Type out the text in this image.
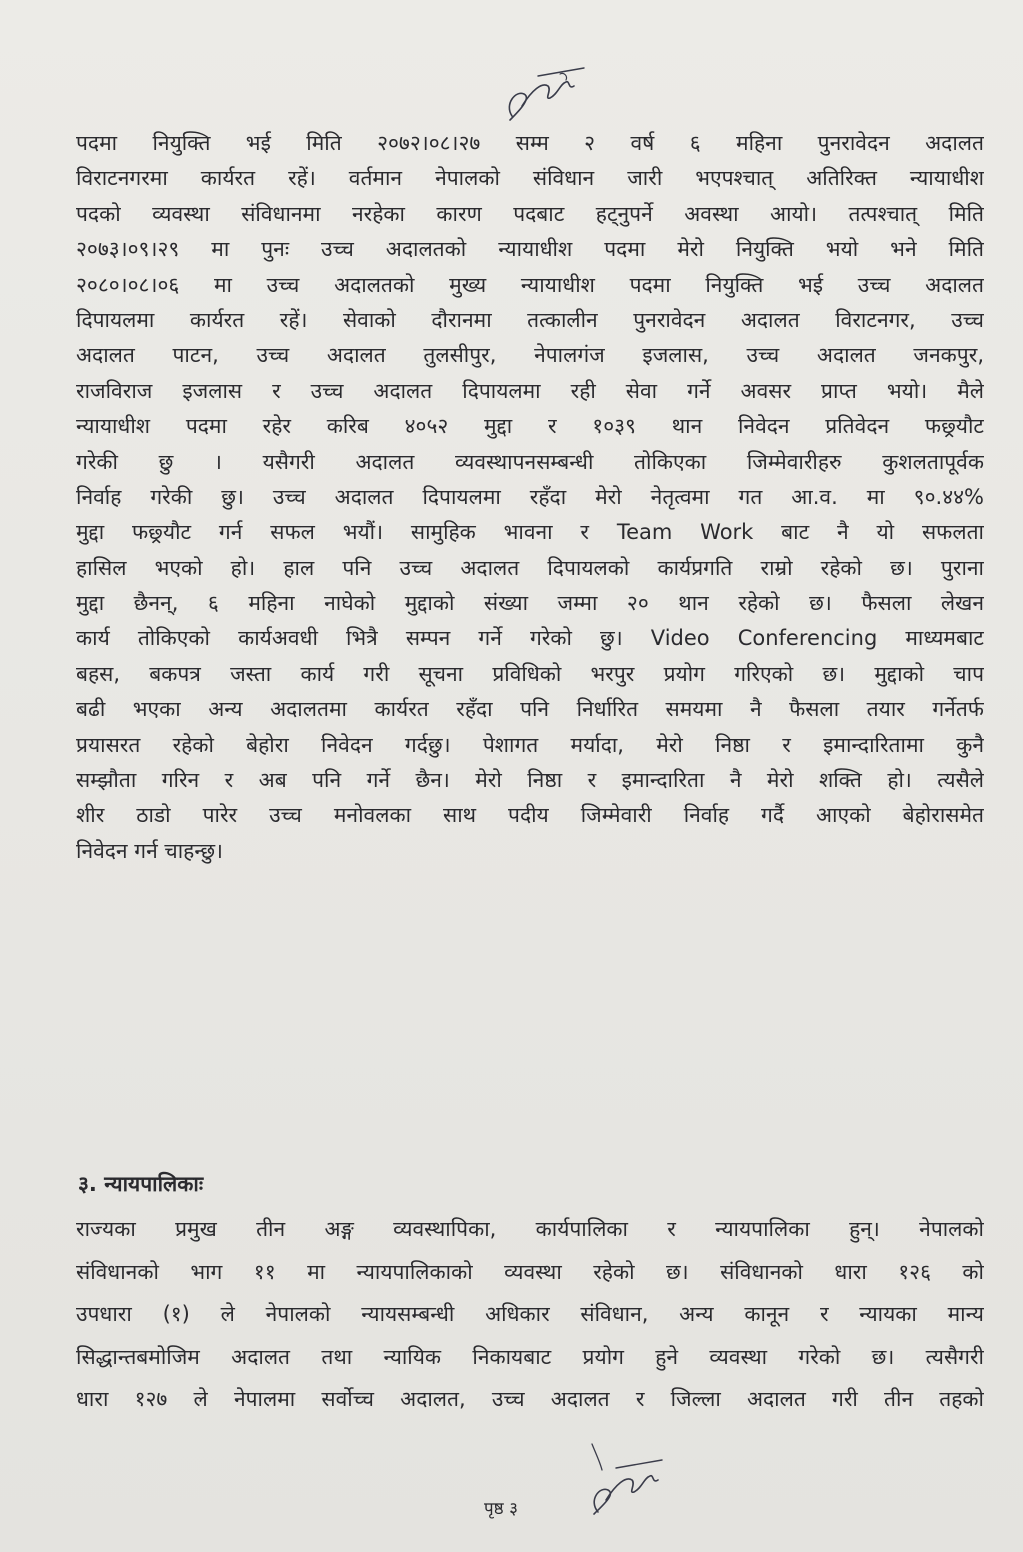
पदमा नियुक्ति भई मिति २०७२।०८।२७ सम्म २ वर्ष ६ महिना पुनरावेदन अदालत
विराटनगरमा कार्यरत रहें। वर्तमान नेपालको संविधान जारी भएपश्चात् अतिरिक्त न्यायाधीश
पदको व्यवस्था संविधानमा नरहेका कारण पदबाट हट्नुपर्ने अवस्था आयो। तत्पश्चात् मिति
२०७३।०९।२९ मा पुनः उच्च अदालतको न्यायाधीश पदमा मेरो नियुक्ति भयो भने मिति
२०८०।०८।०६ मा उच्च अदालतको मुख्य न्यायाधीश पदमा नियुक्ति भई उच्च अदालत
दिपायलमा कार्यरत रहें। सेवाको दौरानमा तत्कालीन पुनरावेदन अदालत विराटनगर, उच्च
अदालत पाटन, उच्च अदालत तुलसीपुर, नेपालगंज इजलास, उच्च अदालत जनकपुर,
राजविराज इजलास र उच्च अदालत दिपायलमा रही सेवा गर्ने अवसर प्राप्त भयो। मैले
न्यायाधीश पदमा रहेर करिब ४०५२ मुद्दा र १०३९ थान निवेदन प्रतिवेदन फछ्र्यौट
गरेकी छु । यसैगरी अदालत व्यवस्थापनसम्बन्धी तोकिएका जिम्मेवारीहरु कुशलतापूर्वक
निर्वाह गरेकी छु। उच्च अदालत दिपायलमा रहँदा मेरो नेतृत्वमा गत आ.व. मा ९०.४४%
मुद्दा फछ्र्यौट गर्न सफल भयौं। सामुहिक भावना र Team Work बाट नै यो सफलता
हासिल भएको हो। हाल पनि उच्च अदालत दिपायलको कार्यप्रगति राम्रो रहेको छ। पुराना
मुद्दा छैनन्, ६ महिना नाघेको मुद्दाको संख्या जम्मा २० थान रहेको छ। फैसला लेखन
कार्य तोकिएको कार्यअवधी भित्रै सम्पन गर्ने गरेको छु। Video Conferencing माध्यमबाट
बहस, बकपत्र जस्ता कार्य गरी सूचना प्रविधिको भरपुर प्रयोग गरिएको छ। मुद्दाको चाप
बढी भएका अन्य अदालतमा कार्यरत रहँदा पनि निर्धारित समयमा नै फैसला तयार गर्नेतर्फ
प्रयासरत रहेको बेहोरा निवेदन गर्दछु। पेशागत मर्यादा, मेरो निष्ठा र इमान्दारितामा कुनै
सम्झौता गरिन र अब पनि गर्ने छैन। मेरो निष्ठा र इमान्दारिता नै मेरो शक्ति हो। त्यसैले
शीर ठाडो पारेर उच्च मनोवलका साथ पदीय जिम्मेवारी निर्वाह गर्दै आएको बेहोरासमेत
निवेदन गर्न चाहन्छु।
३. न्यायपालिकाः
राज्यका प्रमुख तीन अङ्ग व्यवस्थापिका, कार्यपालिका र न्यायपालिका हुन्। नेपालको
संविधानको भाग ११ मा न्यायपालिकाको व्यवस्था रहेको छ। संविधानको धारा १२६ को
उपधारा (१) ले नेपालको न्यायसम्बन्धी अधिकार संविधान, अन्य कानून र न्यायका मान्य
सिद्धान्तबमोजिम अदालत तथा न्यायिक निकायबाट प्रयोग हुने व्यवस्था गरेको छ। त्यसैगरी
धारा १२७ ले नेपालमा सर्वोच्च अदालत, उच्च अदालत र जिल्ला अदालत गरी तीन तहको
पृष्ठ ३
